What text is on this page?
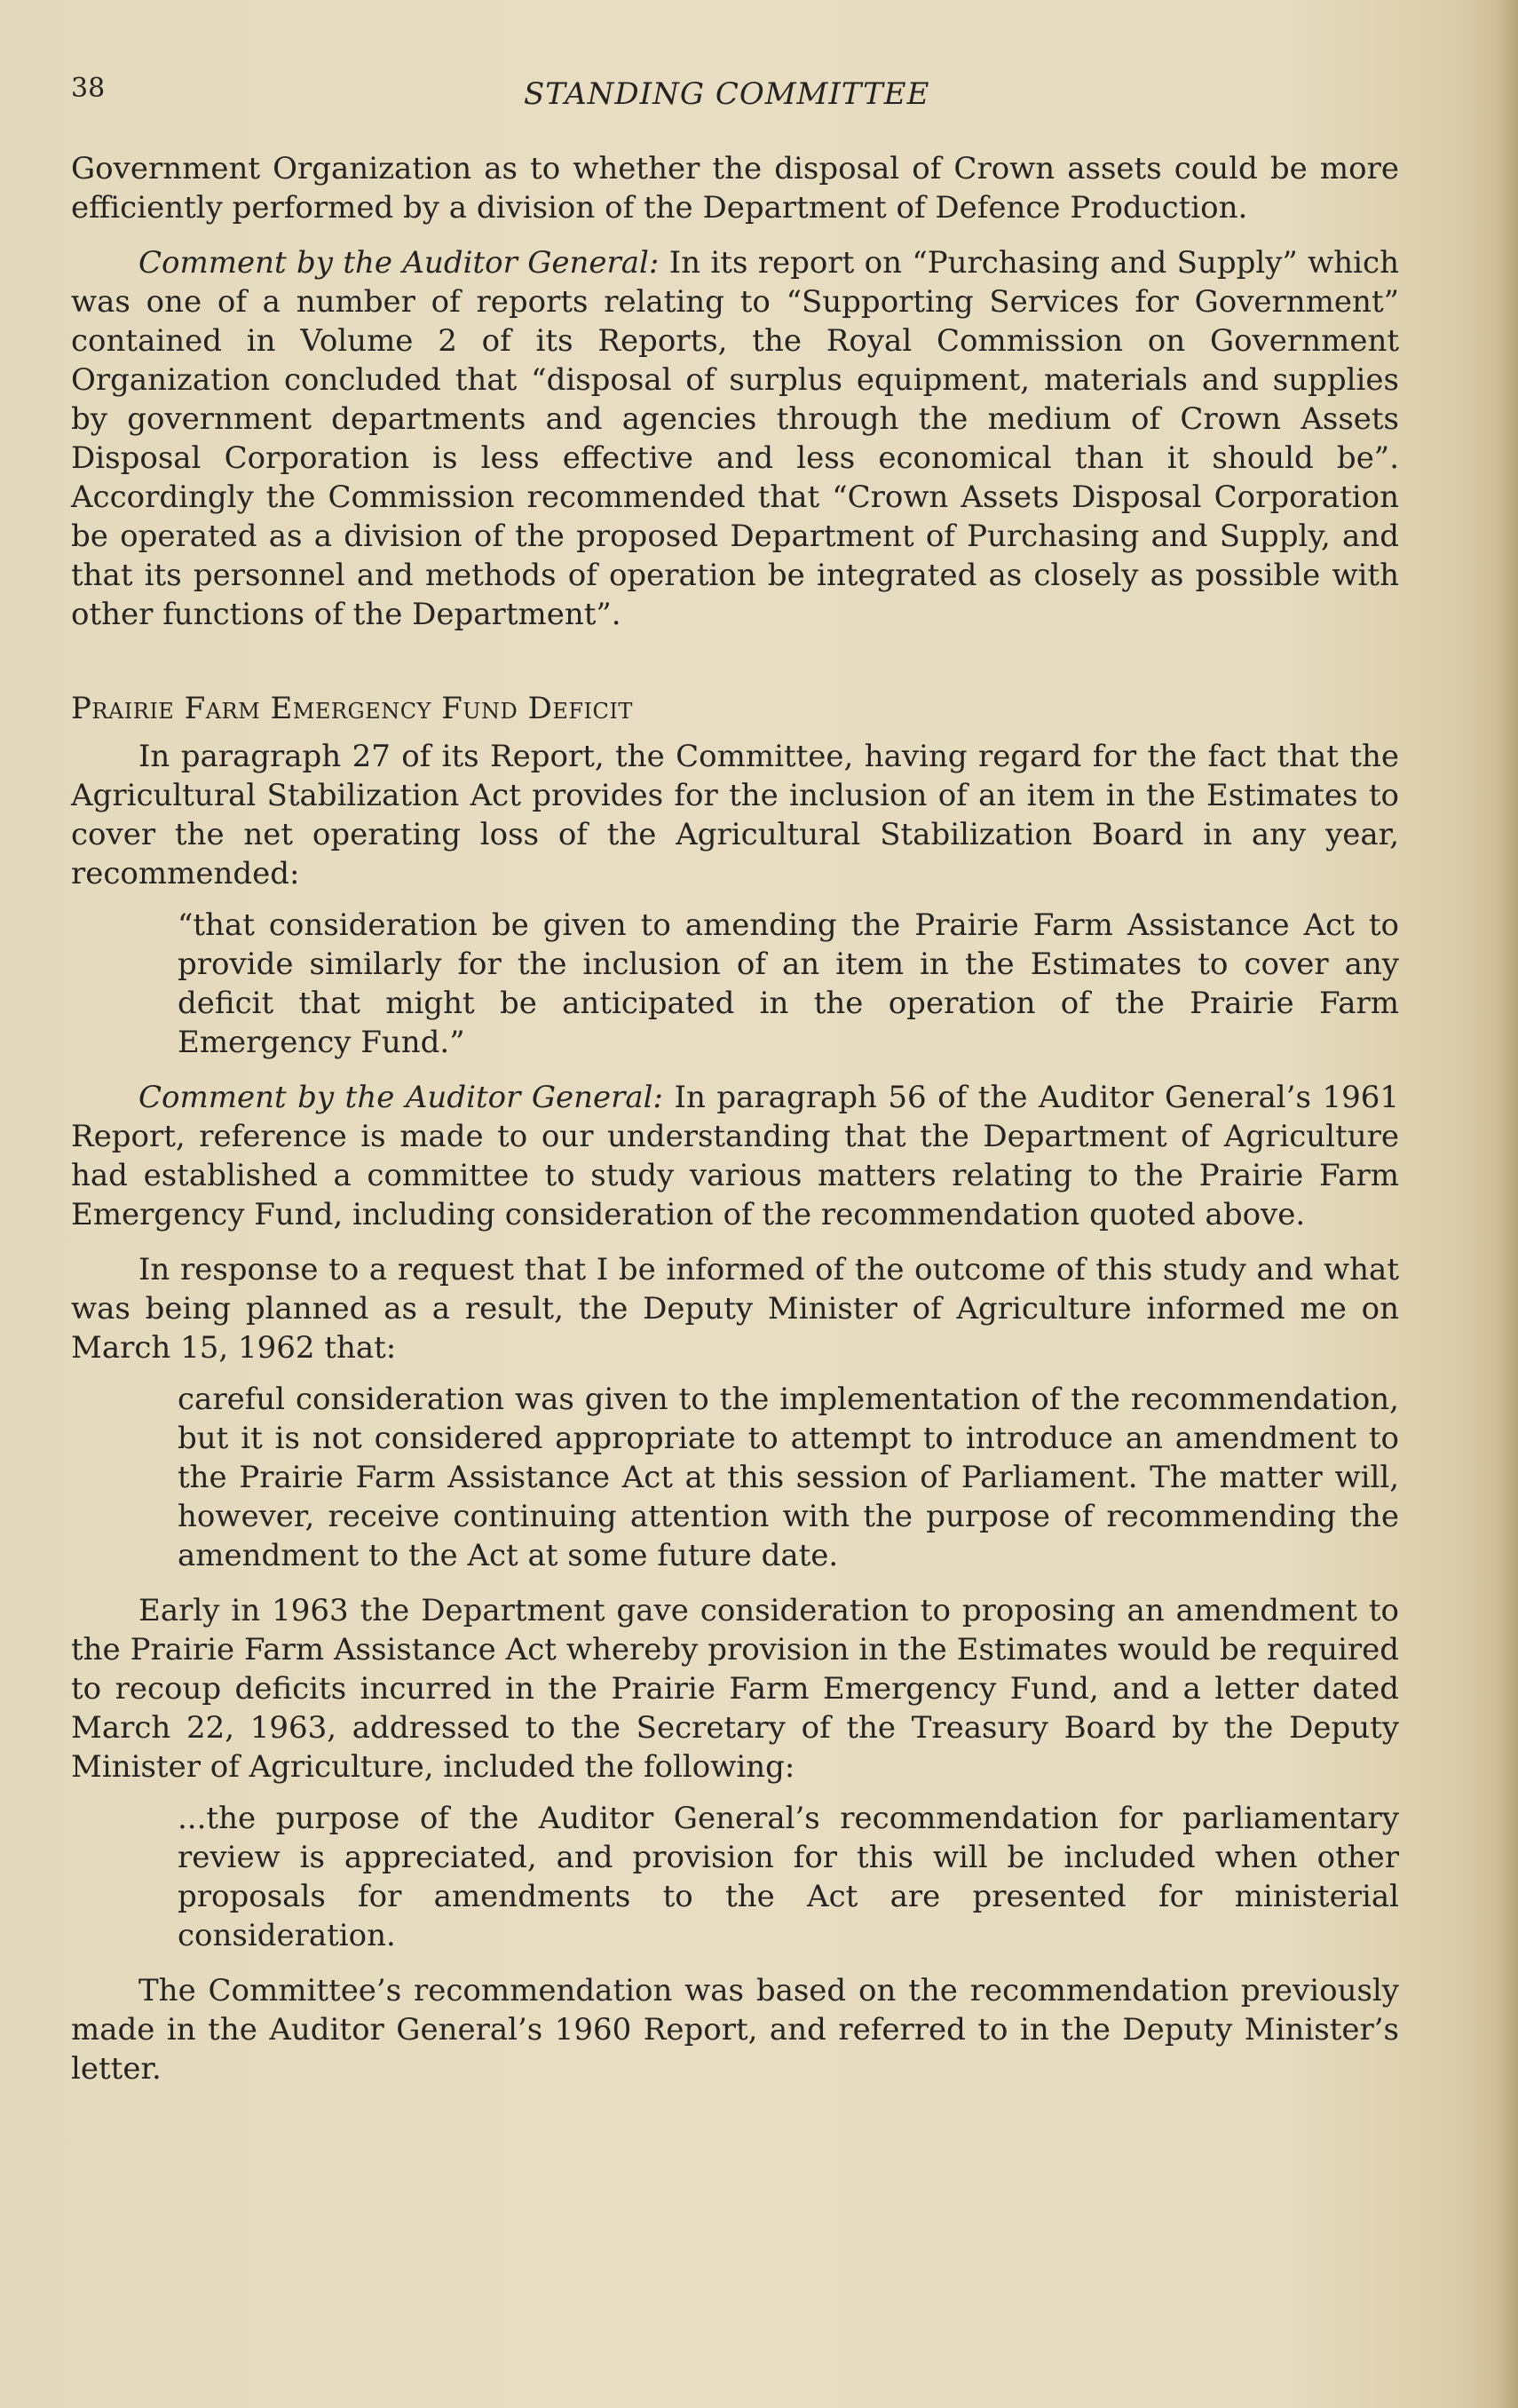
38	STANDING COMMITTEE

Government Organization as to whether the disposal of Crown assets could be more efficiently performed by a division of the Department of Defence Production.

Comment by the Auditor General: In its report on “Purchasing and Supply” which was one of a number of reports relating to “Supporting Services for Government” contained in Volume 2 of its Reports, the Royal Commission on Government Organization concluded that “disposal of surplus equipment, materials and supplies by government departments and agencies through the medium of Crown Assets Disposal Corporation is less effective and less economical than it should be”. Accordingly the Commission recommended that “Crown Assets Disposal Corporation be operated as a division of the proposed Department of Purchasing and Supply, and that its personnel and methods of operation be integrated as closely as possible with other functions of the Department”.

Prairie Farm Emergency Fund Deficit

In paragraph 27 of its Report, the Committee, having regard for the fact that the Agricultural Stabilization Act provides for the inclusion of an item in the Estimates to cover the net operating loss of the Agricultural Stabilization Board in any year, recommended:

“that consideration be given to amending the Prairie Farm Assistance Act to provide similarly for the inclusion of an item in the Estimates to cover any deficit that might be anticipated in the operation of the Prairie Farm Emergency Fund.”

Comment by the Auditor General: In paragraph 56 of the Auditor General’s 1961 Report, reference is made to our understanding that the Department of Agriculture had established a committee to study various matters relating to the Prairie Farm Emergency Fund, including consideration of the recommendation quoted above.

In response to a request that I be informed of the outcome of this study and what was being planned as a result, the Deputy Minister of Agriculture informed me on March 15, 1962 that:

careful consideration was given to the implementation of the recommendation, but it is not considered appropriate to attempt to introduce an amendment to the Prairie Farm Assistance Act at this session of Parliament. The matter will, however, receive continuing attention with the purpose of recommending the amendment to the Act at some future date.

Early in 1963 the Department gave consideration to proposing an amendment to the Prairie Farm Assistance Act whereby provision in the Estimates would be required to recoup deficits incurred in the Prairie Farm Emergency Fund, and a letter dated March 22, 1963, addressed to the Secretary of the Treasury Board by the Deputy Minister of Agriculture, included the following:

...the purpose of the Auditor General’s recommendation for parliamentary review is appreciated, and provision for this will be included when other proposals for amendments to the Act are presented for ministerial consideration.

The Committee’s recommendation was based on the recommendation previously made in the Auditor General’s 1960 Report, and referred to in the Deputy Minister’s letter.
